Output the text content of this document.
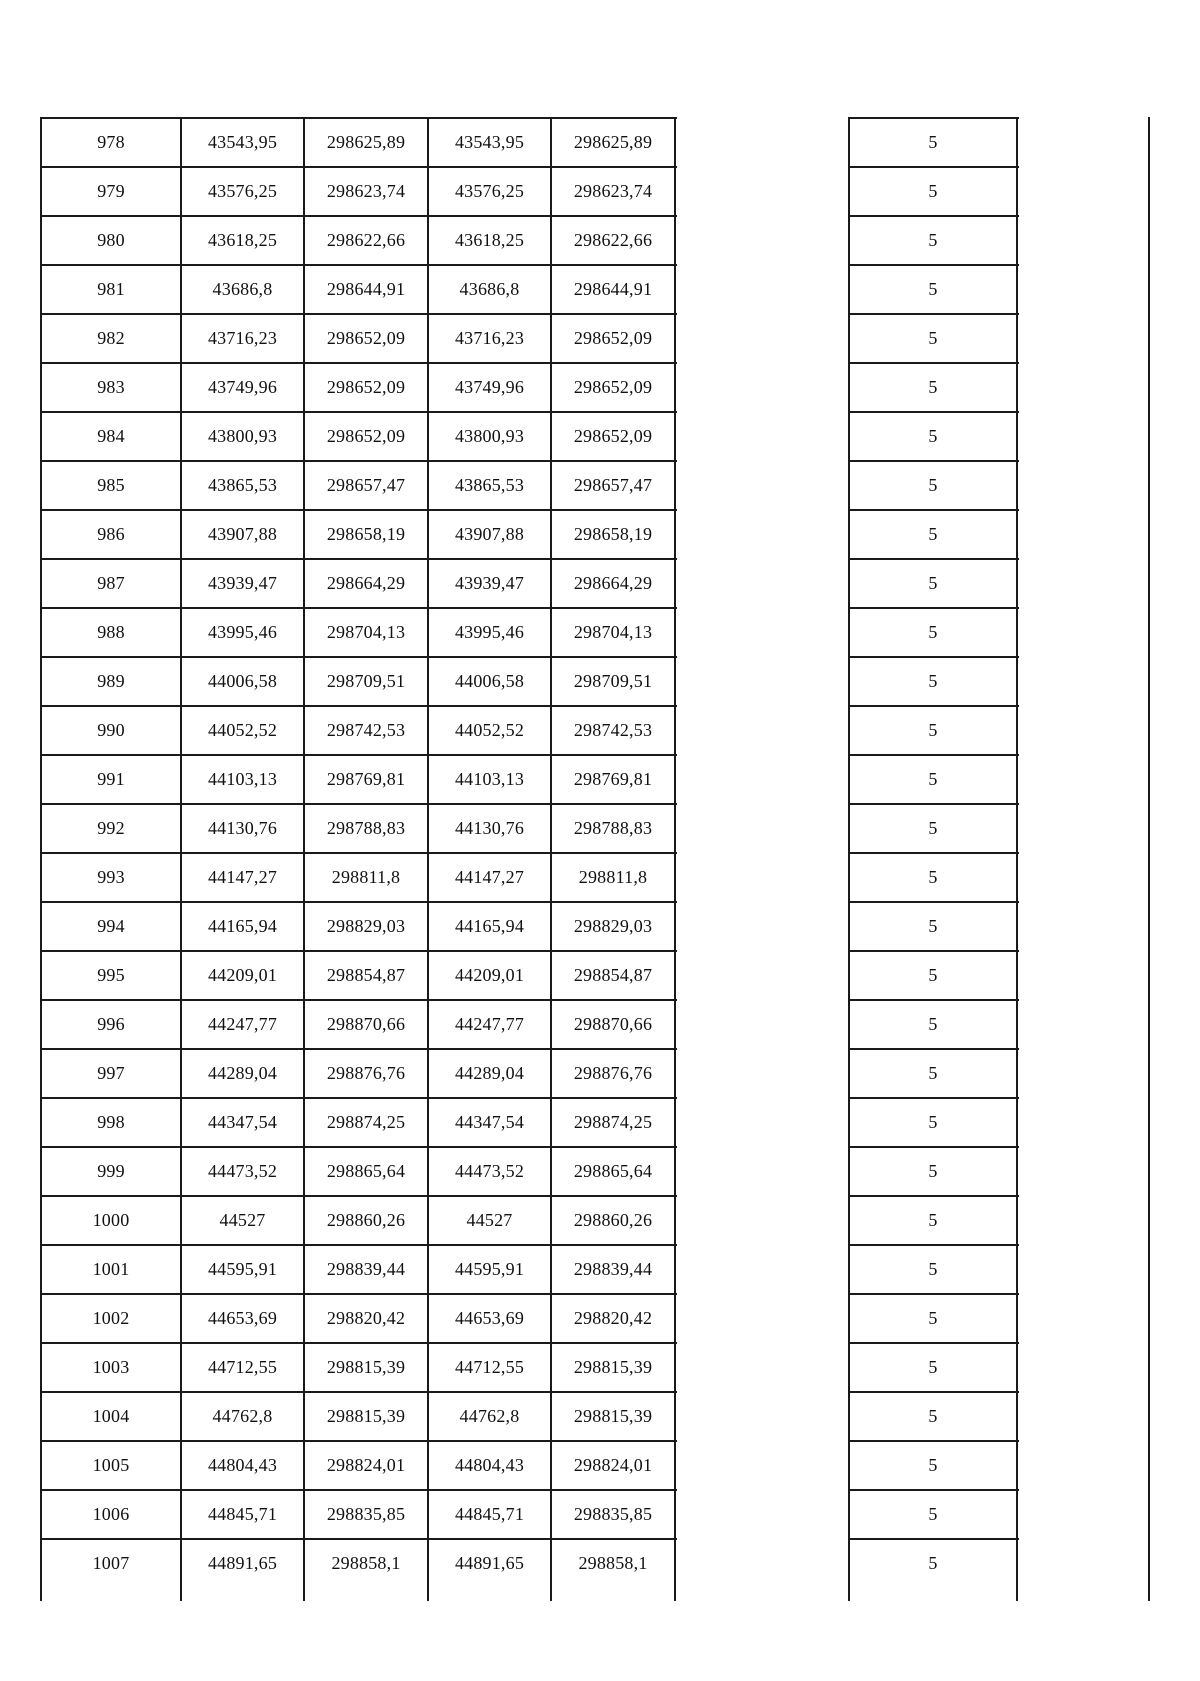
978	43543,95	298625,89	43543,95	298625,89	5
979	43576,25	298623,74	43576,25	298623,74	5
980	43618,25	298622,66	43618,25	298622,66	5
981	43686,8	298644,91	43686,8	298644,91	5
982	43716,23	298652,09	43716,23	298652,09	5
983	43749,96	298652,09	43749,96	298652,09	5
984	43800,93	298652,09	43800,93	298652,09	5
985	43865,53	298657,47	43865,53	298657,47	5
986	43907,88	298658,19	43907,88	298658,19	5
987	43939,47	298664,29	43939,47	298664,29	5
988	43995,46	298704,13	43995,46	298704,13	5
989	44006,58	298709,51	44006,58	298709,51	5
990	44052,52	298742,53	44052,52	298742,53	5
991	44103,13	298769,81	44103,13	298769,81	5
992	44130,76	298788,83	44130,76	298788,83	5
993	44147,27	298811,8	44147,27	298811,8	5
994	44165,94	298829,03	44165,94	298829,03	5
995	44209,01	298854,87	44209,01	298854,87	5
996	44247,77	298870,66	44247,77	298870,66	5
997	44289,04	298876,76	44289,04	298876,76	5
998	44347,54	298874,25	44347,54	298874,25	5
999	44473,52	298865,64	44473,52	298865,64	5
1000	44527	298860,26	44527	298860,26	5
1001	44595,91	298839,44	44595,91	298839,44	5
1002	44653,69	298820,42	44653,69	298820,42	5
1003	44712,55	298815,39	44712,55	298815,39	5
1004	44762,8	298815,39	44762,8	298815,39	5
1005	44804,43	298824,01	44804,43	298824,01	5
1006	44845,71	298835,85	44845,71	298835,85	5
1007	44891,65	298858,1	44891,65	298858,1	5
